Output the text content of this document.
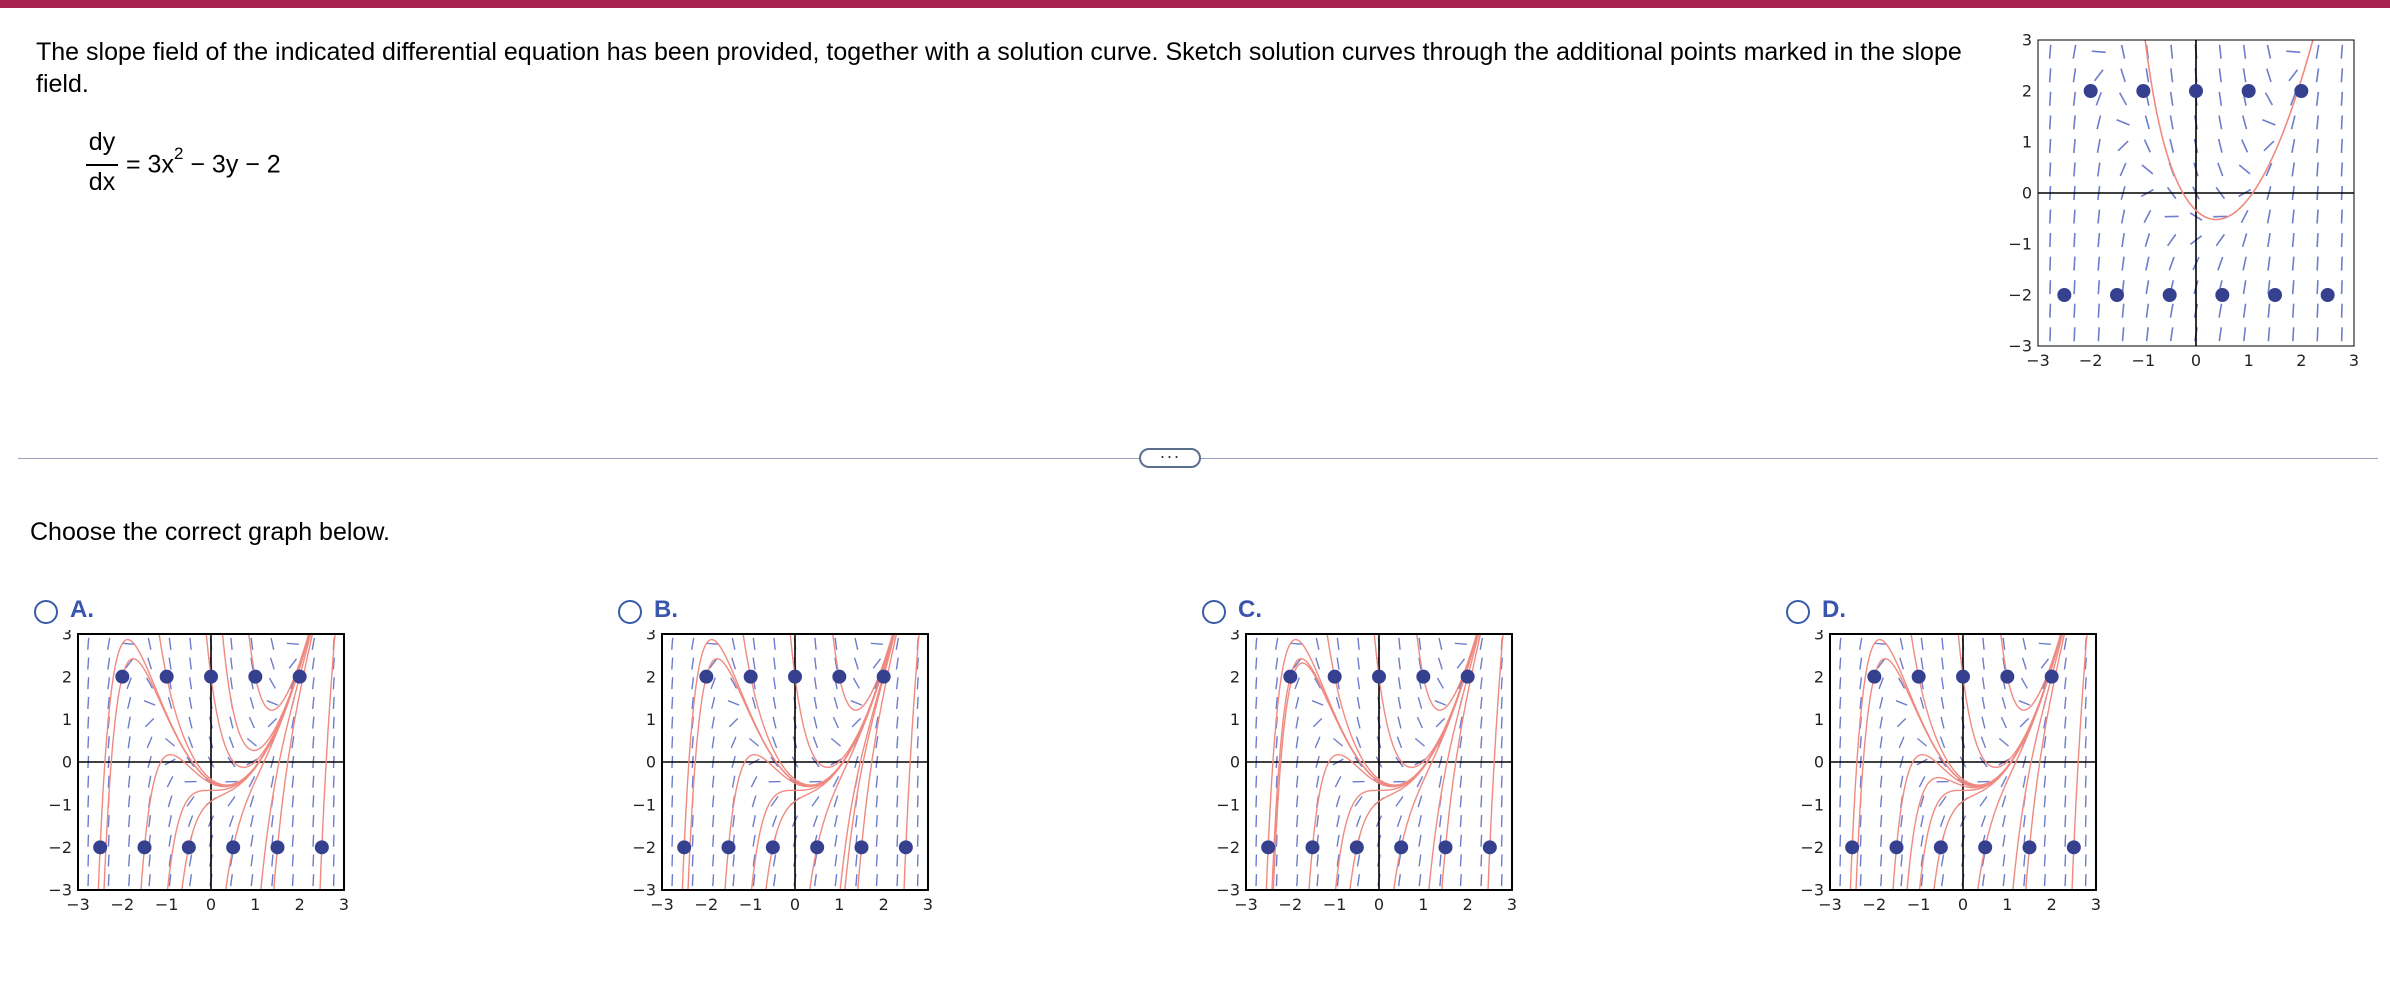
The slope field of the indicated differential equation has been provided, together with a solution curve. Sketch solution curves through the additional points marked in the slope field.
dy
dx
= $3x^2 - 3y - 2$
−3 −2 −1 0	1	2	3
3
2
1
0
−1
−2
−3
···
Choose the correct graph below.
A.	B.	C.	D.
−3 −2 −1 0 1 2 3
3
2
1
0
−1
−2
−3
−3 −2 −1 0 1 2 3
3
2
1
0
−1
−2
−3
−3 −2 −1 0 1 2 3
3
2
1
0
−1
−2
−3
−3 −2 −1 0 1 2 3
3
2
1
0
−1
−2
−3
